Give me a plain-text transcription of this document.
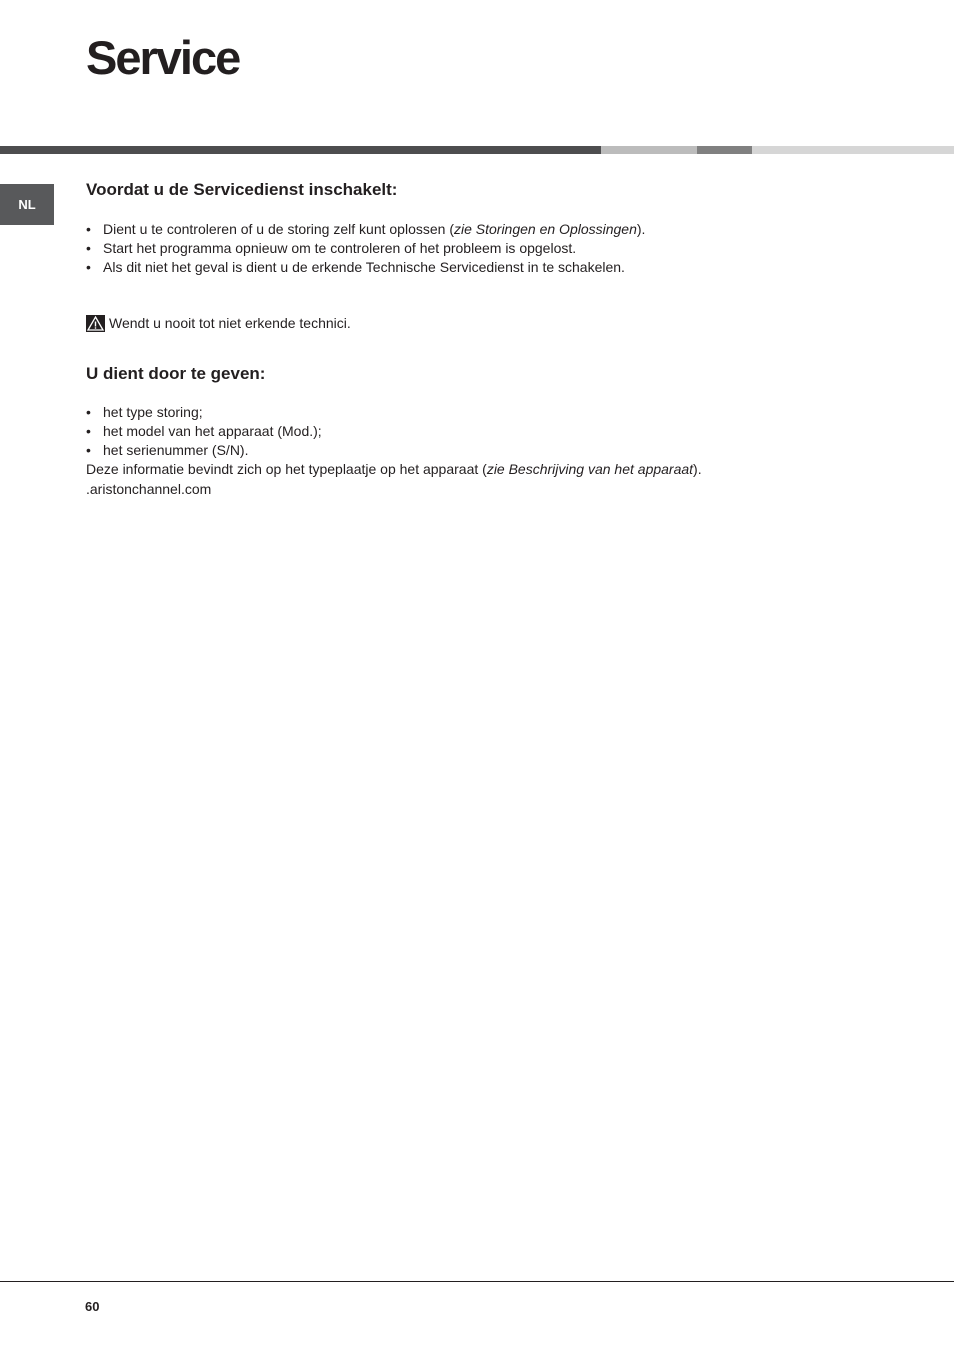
Service
NL
Voordat u de Servicedienst inschakelt:
• Dient u te controleren of u de storing zelf kunt oplossen (zie Storingen en Oplossingen).
• Start het programma opnieuw om te controleren of het probleem is opgelost.
• Als dit niet het geval is dient u de erkende Technische Servicedienst in te schakelen.
Wendt u nooit tot niet erkende technici.
U dient door te geven:
• het type storing;
• het model van het apparaat (Mod.);
• het serienummer (S/N).
Deze informatie bevindt zich op het typeplaatje op het apparaat (zie Beschrijving van het apparaat).
.aristonchannel.com
60
